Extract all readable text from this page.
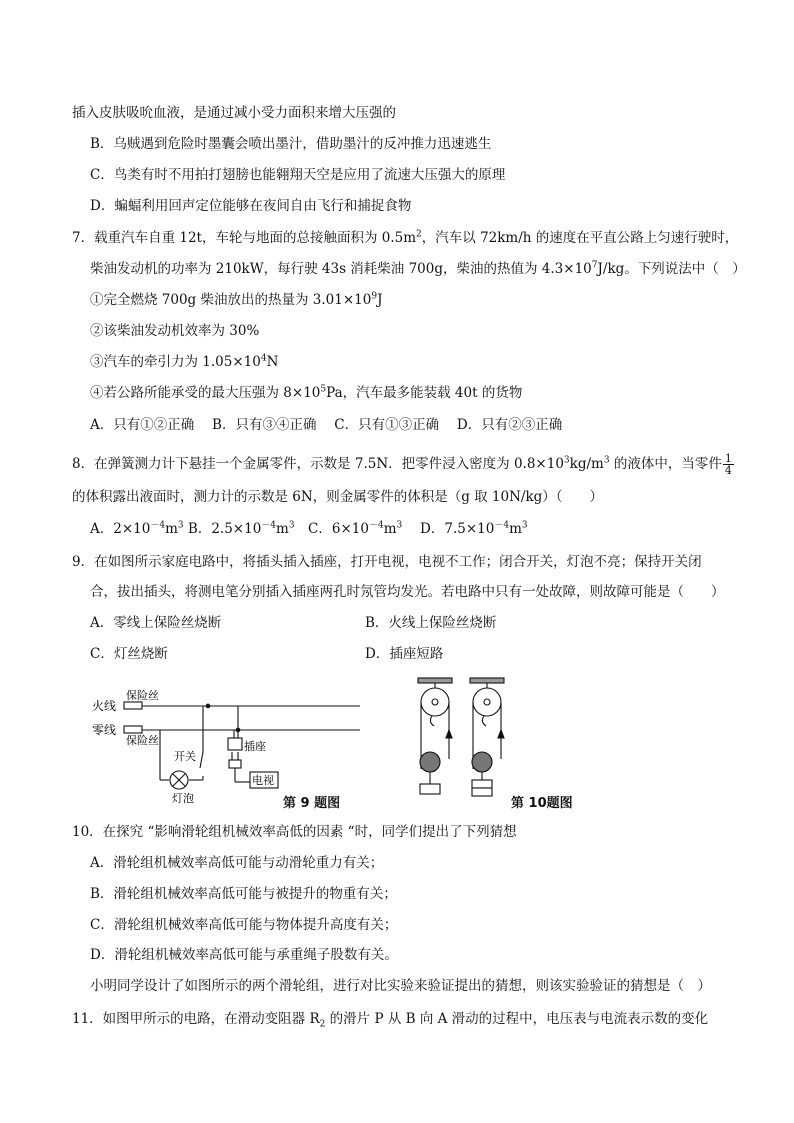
插入皮肤吸吮血液，是通过减小受力面积来增大压强的
B．乌贼遇到危险时墨囊会喷出墨汁，借助墨汁的反冲推力迅速逃生
C．鸟类有时不用拍打翅膀也能翱翔天空是应用了流速大压强大的原理
D．蝙蝠利用回声定位能够在夜间自由飞行和捕捉食物
7．载重汽车自重 12t，车轮与地面的总接触面积为 $0.5m^2$，汽车以 72km/h 的速度在平直公路上匀速行驶时，
柴油发动机的功率为 210kW，每行驶 43s 消耗柴油 700g，柴油的热值为 $4.3\times 10^7J/kg$。下列说法中（　）
①完全燃烧 700g 柴油放出的热量为 $3.01\times 10^9J$
②该柴油发动机效率为 30%
③汽车的牵引力为 $1.05\times 10^4N$
④若公路所能承受的最大压强为 $8\times 10^5Pa$，汽车最多能装载 40t 的货物
A．只有①②正确　 B．只有③④正确　 C．只有①③正确　 D．只有②③正确
8．在弹簧测力计下悬挂一个金属零件，示数是 7.5N．把零件浸入密度为 $0.8\times 10^3kg/m^3$ 的液体中，当零件 $\frac{1}{4}$
的体积露出液面时，测力计的示数是 6N，则金属零件的体积是（g 取 10N/kg）（　　）
A．$2\times 10^{-4}m^3$ B．$2.5\times 10^{-4}m^3$　C．$6\times 10^{-4}m^3$　 D．$7.5\times 10^{-4}m^3$
9．在如图所示家庭电路中，将插头插入插座，打开电视，电视不工作；闭合开关，灯泡不亮；保持开关闭
合，拔出插头，将测电笔分别插入插座两孔时氖管均发光。若电路中只有一处故障，则故障可能是（　　）
A．零线上保险丝烧断	B．火线上保险丝烧断
C．灯丝烧断	D．插座短路
火线
零线
保险丝
保险丝
开关
插座
电视
灯泡	第 9 题图	第 10题图
10．在探究 “影响滑轮组机械效率高低的因素 “时，同学们提出了下列猜想
A．滑轮组机械效率高低可能与动滑轮重力有关；
B．滑轮组机械效率高低可能与被提升的物重有关；
C．滑轮组机械效率高低可能与物体提升高度有关；
D．滑轮组机械效率高低可能与承重绳子股数有关。
小明同学设计了如图所示的两个滑轮组，进行对比实验来验证提出的猜想，则该实验验证的猜想是（　）
11．如图甲所示的电路，在滑动变阻器 $R_2$ 的滑片 P 从 B 向 A 滑动的过程中，电压表与电流表示数的变化
